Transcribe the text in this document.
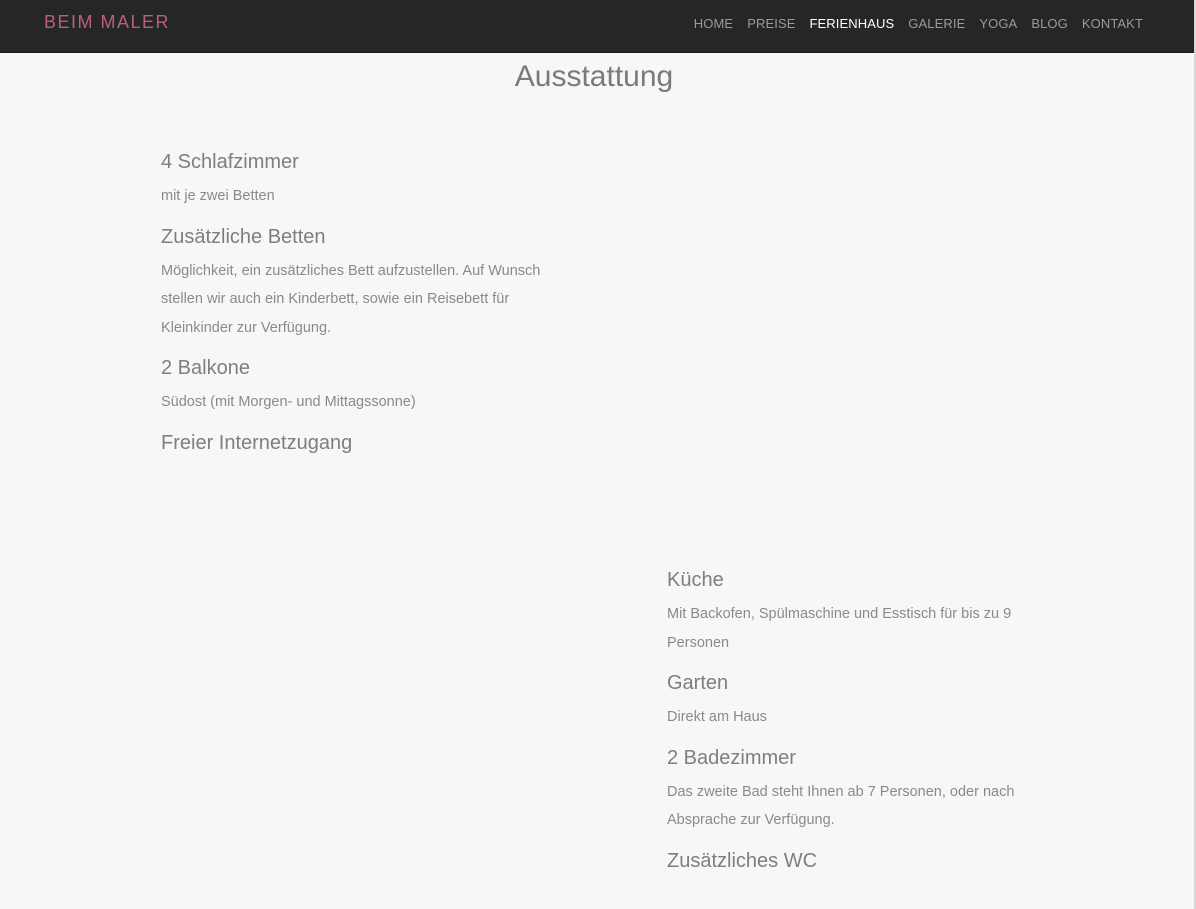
BEIM MALER	HOME PREISE FERIENHAUS GALERIE YOGA BLOG KONTAKT
Ausstattung
4 Schlafzimmer

mit je zwei Betten

Zusätzliche Betten

Möglichkeit, ein zusätzliches Bett aufzustellen. Auf Wunsch stellen wir auch ein Kinderbett, sowie ein Reisebett für Kleinkinder zur Verfügung.

2 Balkone

Südost (mit Morgen- und Mittagssonne)

Freier Internetzugang
Küche

Mit Backofen, Spülmaschine und Esstisch für bis zu 9 Personen

Garten

Direkt am Haus

2 Badezimmer

Das zweite Bad steht Ihnen ab 7 Personen, oder nach Absprache zur Verfügung.

Zusätzliches WC
